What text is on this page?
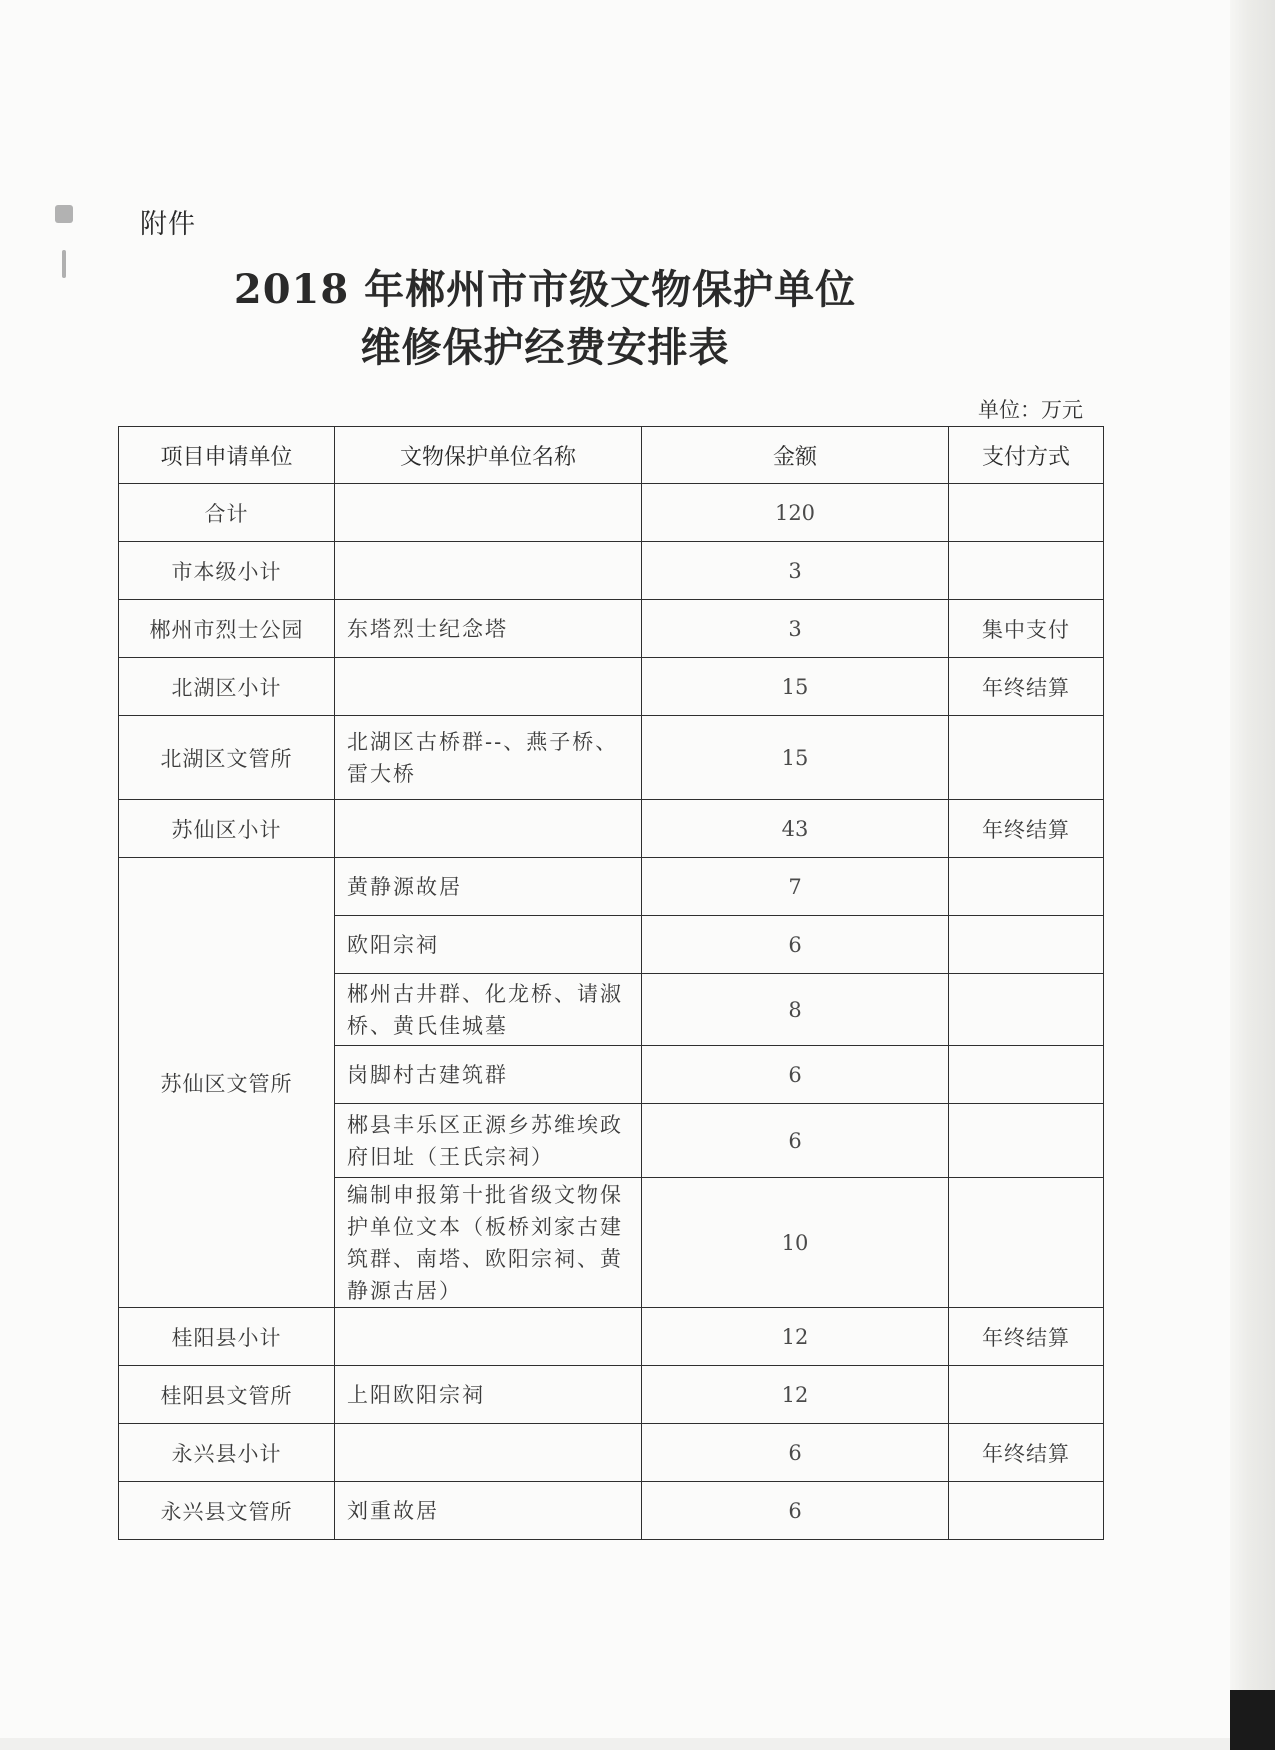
附件
2018 年郴州市市级文物保护单位
维修保护经费安排表
单位：万元
项目申请单位	文物保护单位名称	金额	支付方式
合计		120	
市本级小计		3	
郴州市烈士公园	东塔烈士纪念塔	3	集中支付
北湖区小计		15	年终结算
北湖区文管所	北湖区古桥群--、燕子桥、雷大桥	15	
苏仙区小计		43	年终结算
苏仙区文管所	黄静源故居	7	
	欧阳宗祠	6	
	郴州古井群、化龙桥、请淑桥、黄氏佳城墓	8	
	岗脚村古建筑群	6	
	郴县丰乐区正源乡苏维埃政府旧址（王氏宗祠）	6	
	编制申报第十批省级文物保护单位文本（板桥刘家古建筑群、南塔、欧阳宗祠、黄静源古居）	10	
桂阳县小计		12	年终结算
桂阳县文管所	上阳欧阳宗祠	12	
永兴县小计		6	年终结算
永兴县文管所	刘重故居	6	
